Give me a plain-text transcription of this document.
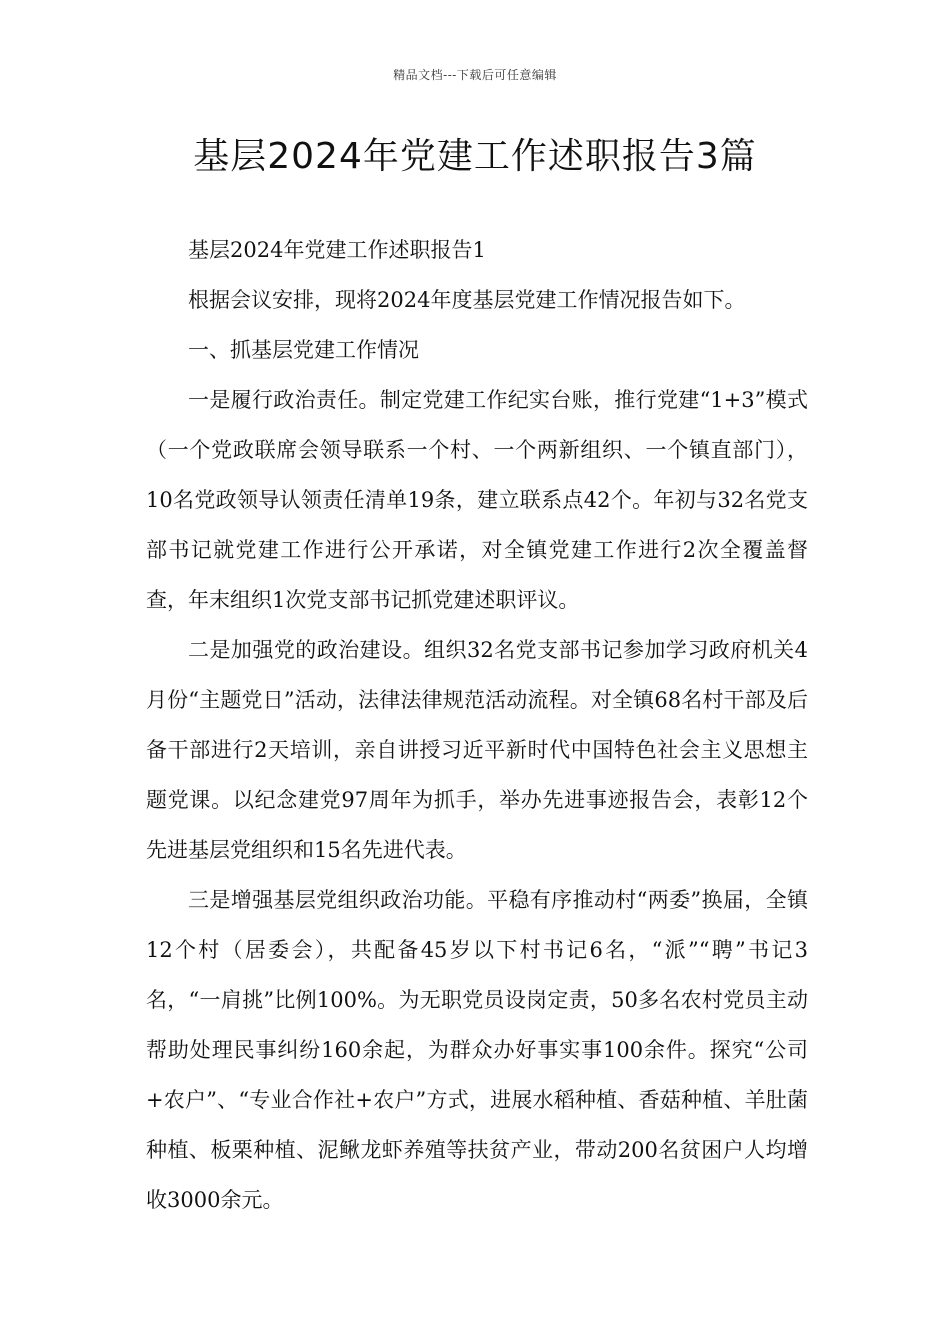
精品文档---下载后可任意编辑
基层2024年党建工作述职报告3篇

基层2024年党建工作述职报告1

根据会议安排，现将2024年度基层党建工作情况报告如下。

一、抓基层党建工作情况

一是履行政治责任。制定党建工作纪实台账，推行党建“1+3”模式（一个党政联席会领导联系一个村、一个两新组织、一个镇直部门），10名党政领导认领责任清单19条，建立联系点42个。年初与32名党支部书记就党建工作进行公开承诺，对全镇党建工作进行2次全覆盖督查，年末组织1次党支部书记抓党建述职评议。

二是加强党的政治建设。组织32名党支部书记参加学习政府机关4月份“主题党日”活动，法律法律规范活动流程。对全镇68名村干部及后备干部进行2天培训，亲自讲授习近平新时代中国特色社会主义思想主题党课。以纪念建党97周年为抓手，举办先进事迹报告会，表彰12个先进基层党组织和15名先进代表。

三是增强基层党组织政治功能。平稳有序推动村“两委”换届，全镇12个村（居委会），共配备45岁以下村书记6名，“派”“聘”书记3名，“一肩挑”比例100%。为无职党员设岗定责，50多名农村党员主动帮助处理民事纠纷160余起，为群众办好事实事100余件。探究“公司+农户”、“专业合作社+农户”方式，进展水稻种植、香菇种植、羊肚菌种植、板栗种植、泥鳅龙虾养殖等扶贫产业，带动200名贫困户人均增收3000余元。
